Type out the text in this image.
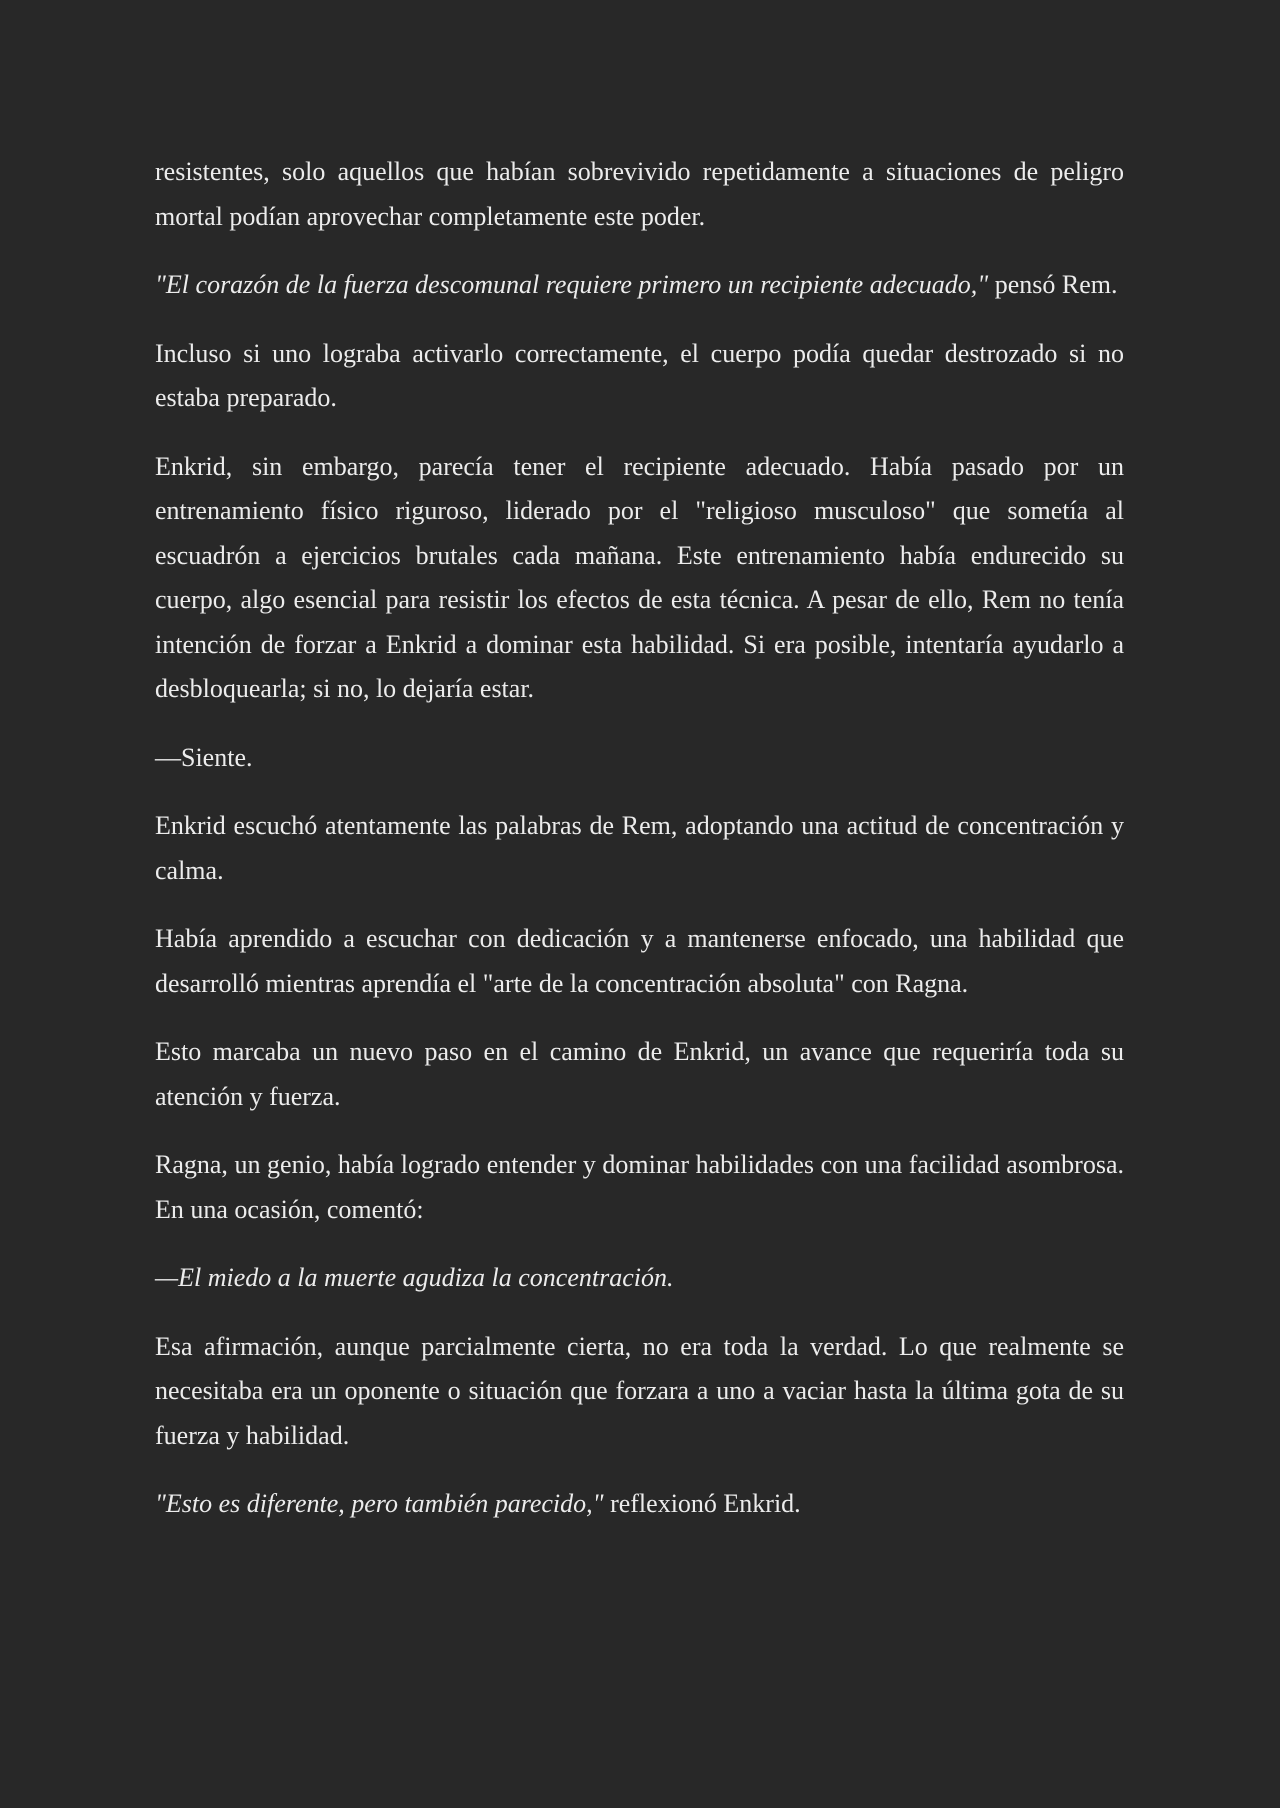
resistentes, solo aquellos que habían sobrevivido repetidamente a situaciones de peligro mortal podían aprovechar completamente este poder.

"El corazón de la fuerza descomunal requiere primero un recipiente adecuado," pensó Rem.

Incluso si uno lograba activarlo correctamente, el cuerpo podía quedar destrozado si no estaba preparado.

Enkrid, sin embargo, parecía tener el recipiente adecuado. Había pasado por un entrenamiento físico riguroso, liderado por el "religioso musculoso" que sometía al escuadrón a ejercicios brutales cada mañana. Este entrenamiento había endurecido su cuerpo, algo esencial para resistir los efectos de esta técnica. A pesar de ello, Rem no tenía intención de forzar a Enkrid a dominar esta habilidad. Si era posible, intentaría ayudarlo a desbloquearla; si no, lo dejaría estar.

—Siente.

Enkrid escuchó atentamente las palabras de Rem, adoptando una actitud de concentración y calma.

Había aprendido a escuchar con dedicación y a mantenerse enfocado, una habilidad que desarrolló mientras aprendía el "arte de la concentración absoluta" con Ragna.

Esto marcaba un nuevo paso en el camino de Enkrid, un avance que requeriría toda su atención y fuerza.

Ragna, un genio, había logrado entender y dominar habilidades con una facilidad asombrosa. En una ocasión, comentó:

—El miedo a la muerte agudiza la concentración.

Esa afirmación, aunque parcialmente cierta, no era toda la verdad. Lo que realmente se necesitaba era un oponente o situación que forzara a uno a vaciar hasta la última gota de su fuerza y habilidad.

"Esto es diferente, pero también parecido," reflexionó Enkrid.
